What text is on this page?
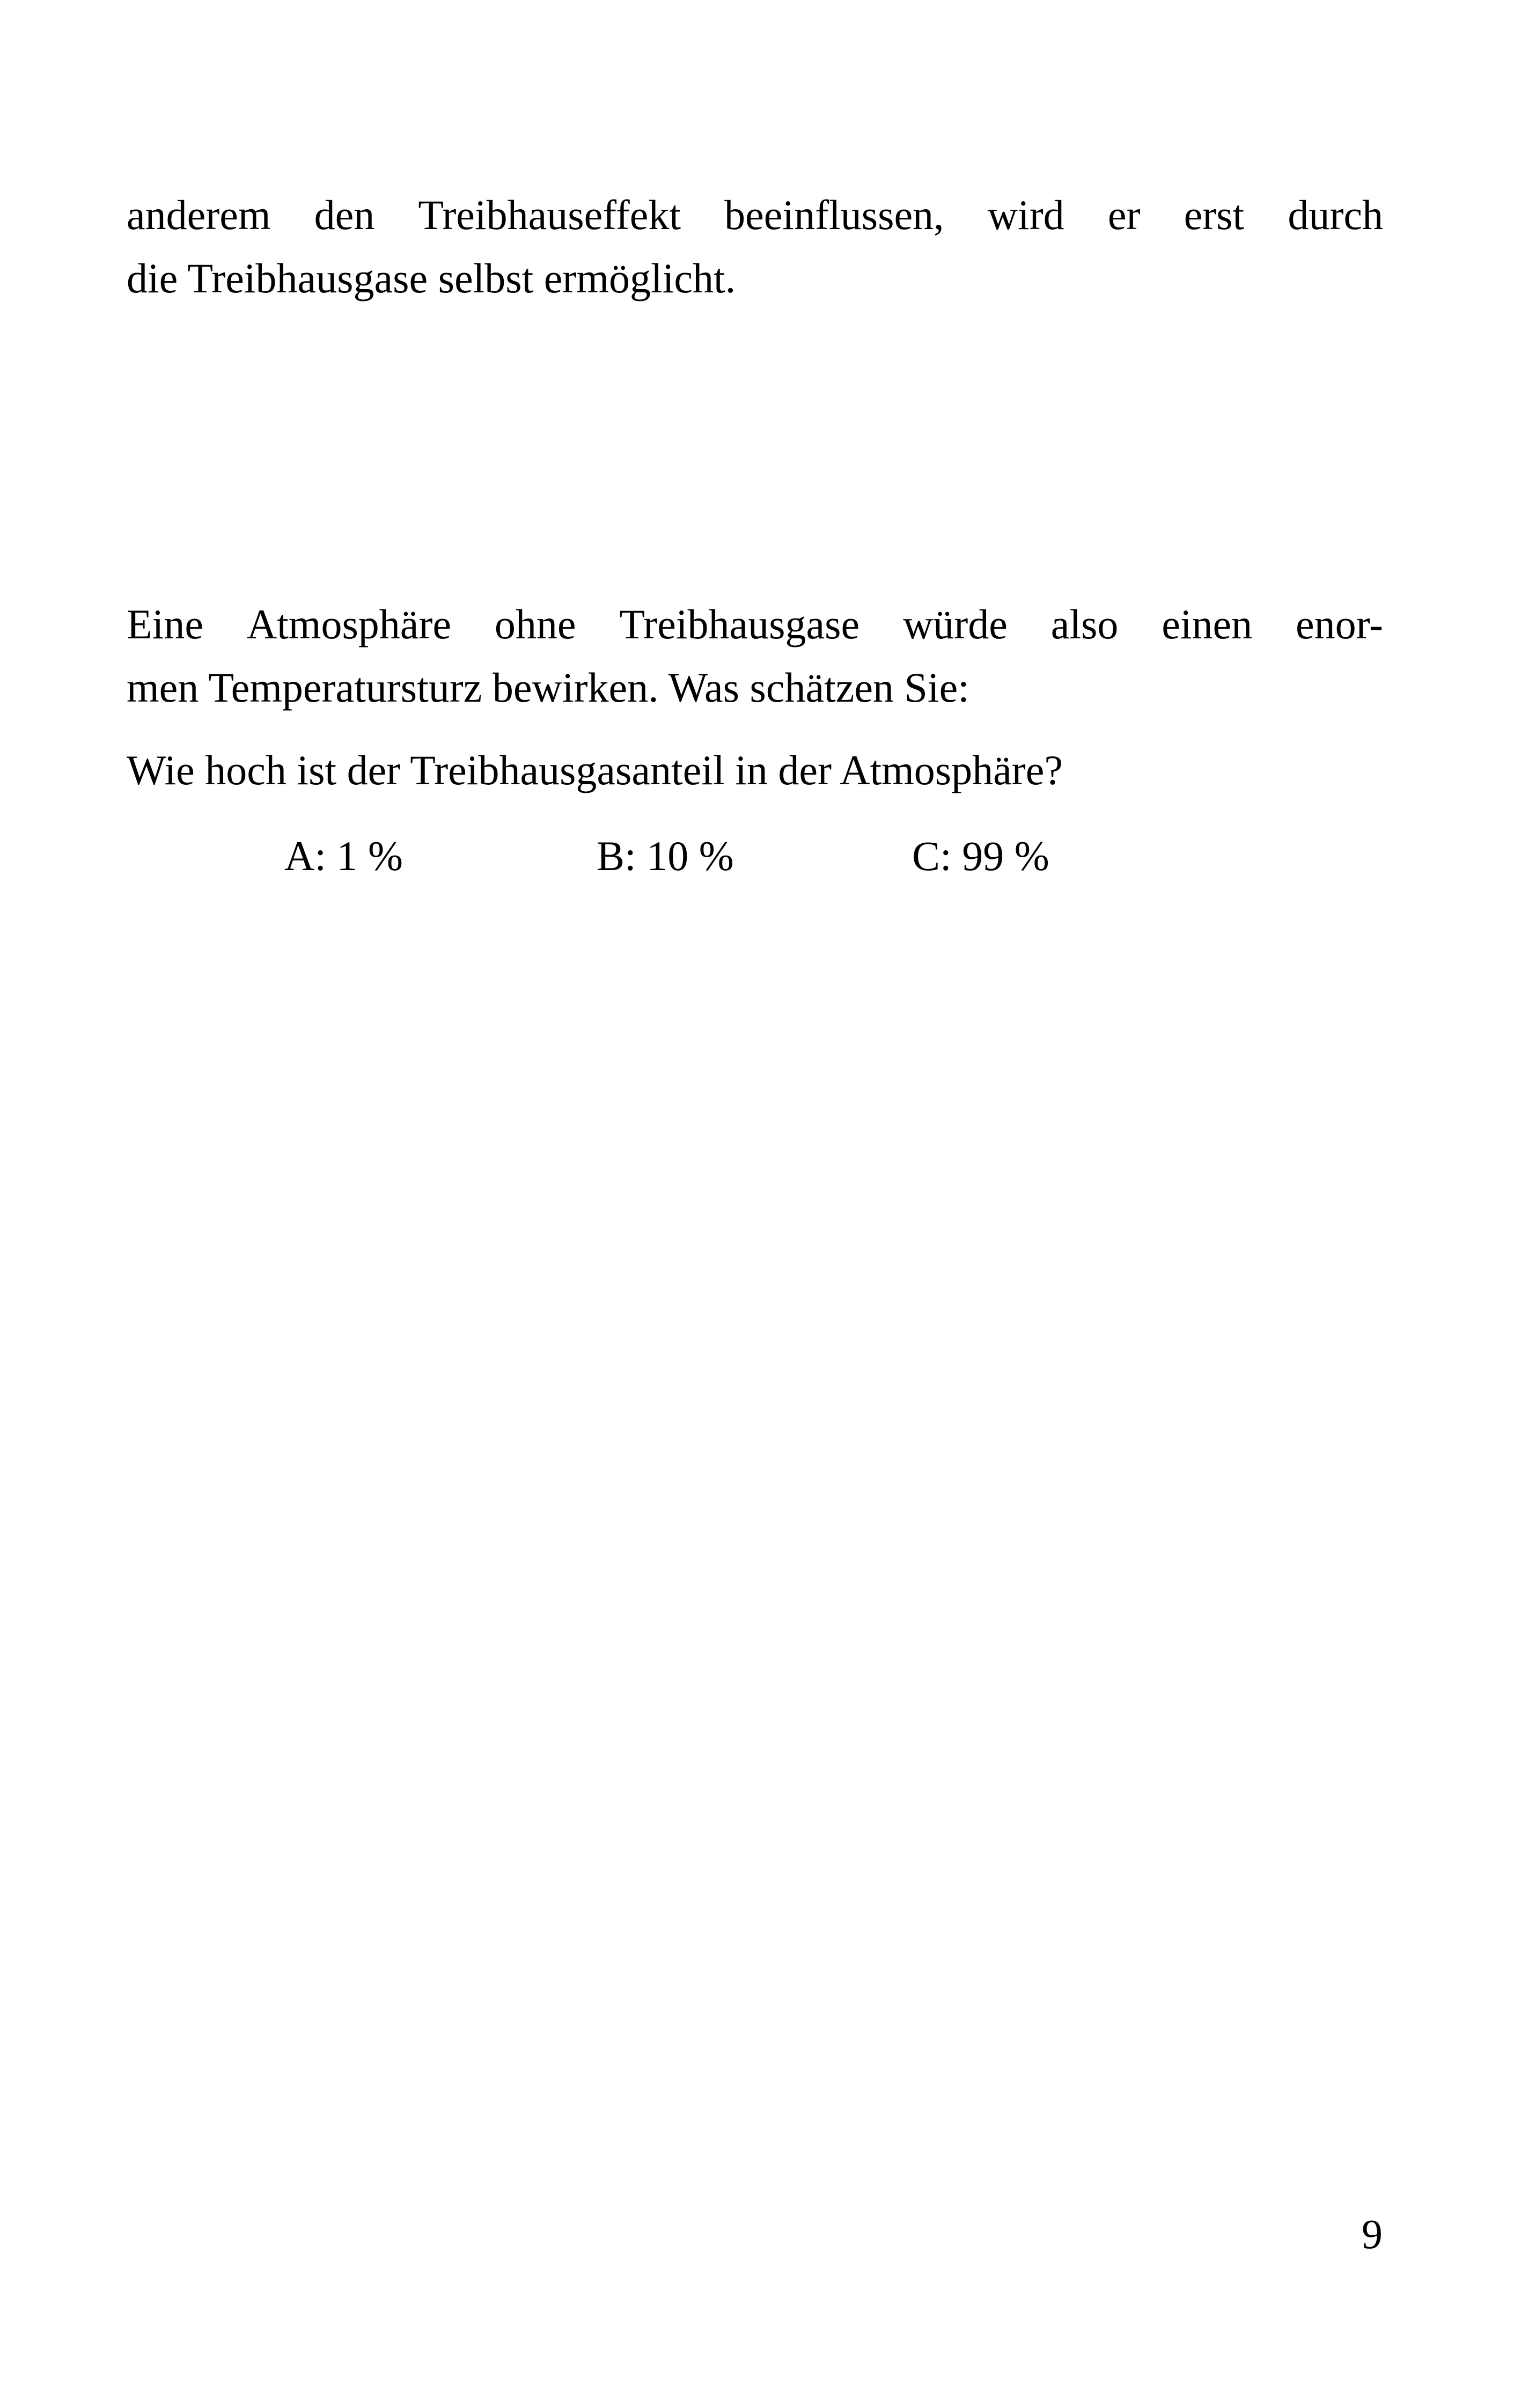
anderem den Treibhauseffekt beeinflussen, wird er erst durch

die Treibhausgase selbst ermöglicht.

Eine Atmosphäre ohne Treibhausgase würde also einen enor-

men Temperatursturz bewirken. Was schätzen Sie:

Wie hoch ist der Treibhausgasanteil in der Atmosphäre?

A: 1 %	B: 10 %	C: 99 %
9
